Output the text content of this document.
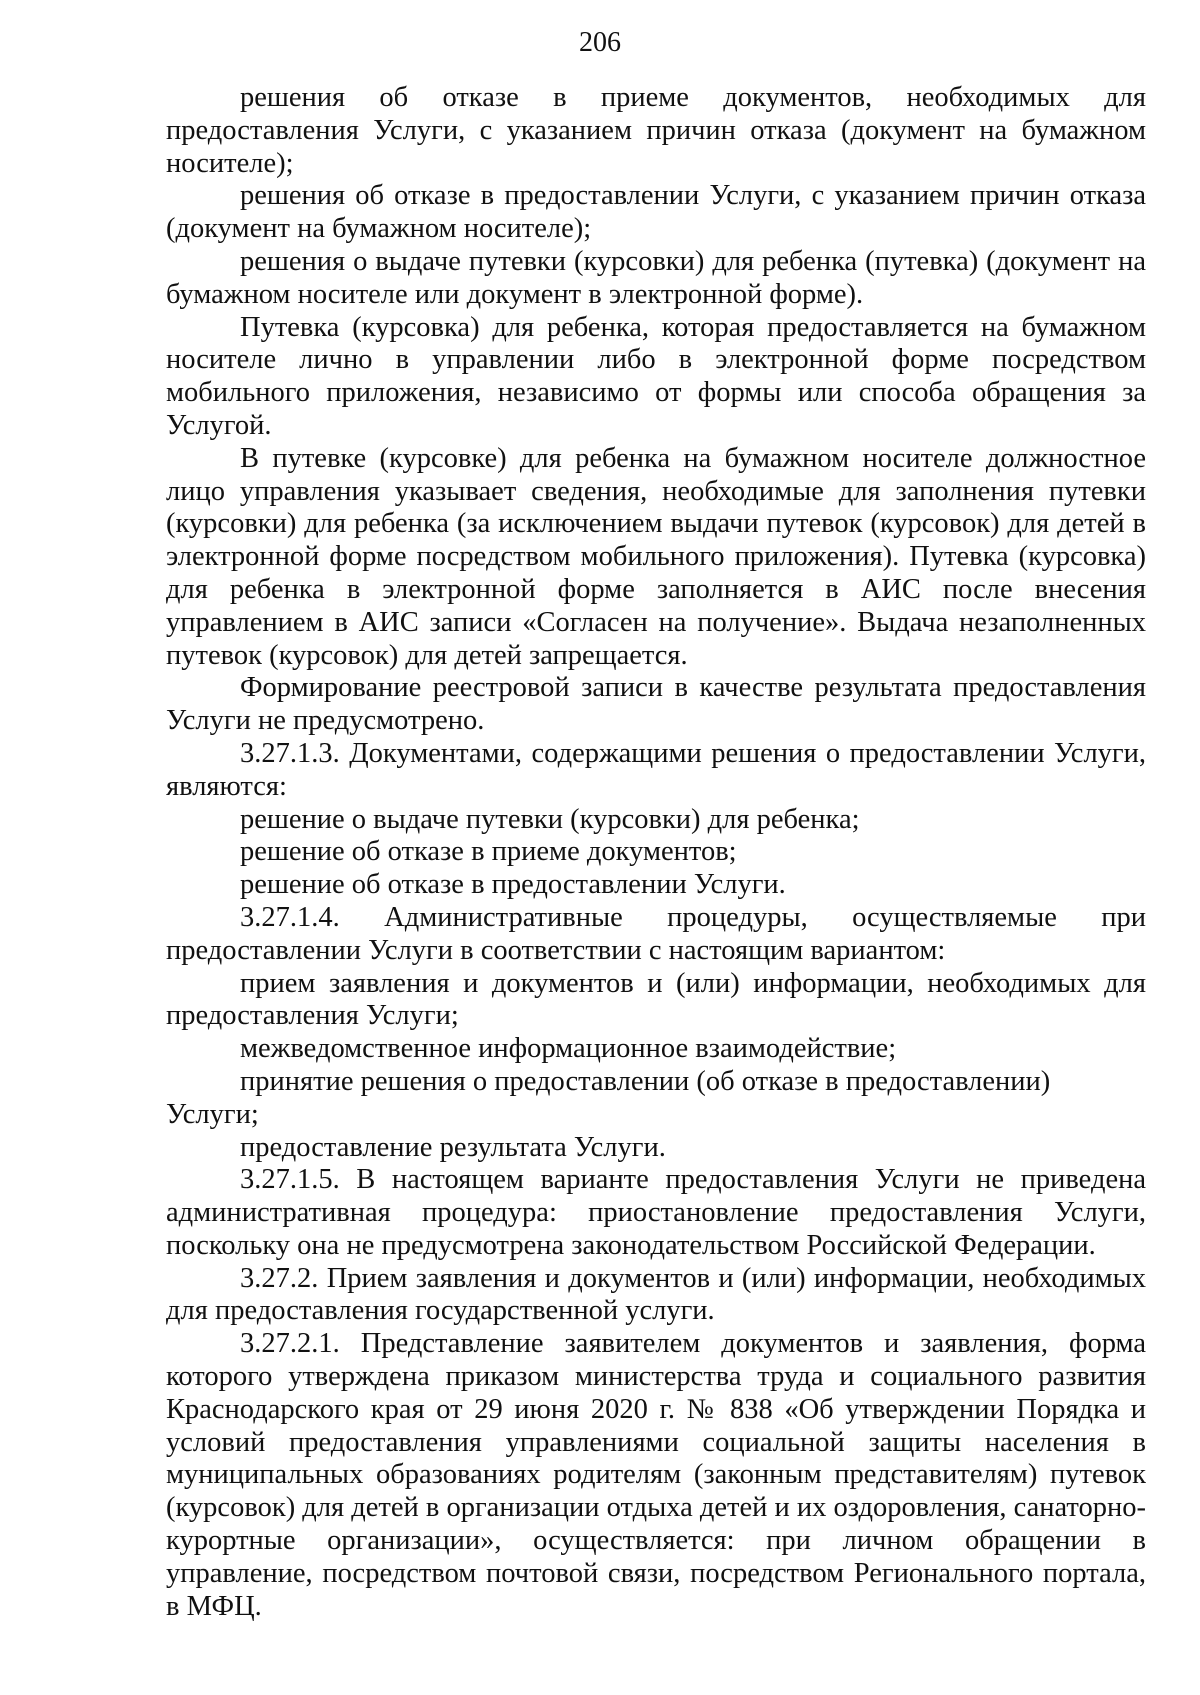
206

решения об отказе в приеме документов, необходимых для предоставления Услуги, с указанием причин отказа (документ на бумажном носителе);

решения об отказе в предоставлении Услуги, с указанием причин отказа (документ на бумажном носителе);

решения о выдаче путевки (курсовки) для ребенка (путевка) (документ на бумажном носителе или документ в электронной форме).

Путевка (курсовка) для ребенка, которая предоставляется на бумажном носителе лично в управлении либо в электронной форме посредством мобильного приложения, независимо от формы или способа обращения за Услугой.

В путевке (курсовке) для ребенка на бумажном носителе должностное лицо управления указывает сведения, необходимые для заполнения путевки (курсовки) для ребенка (за исключением выдачи путевок (курсовок) для детей в электронной форме посредством мобильного приложения). Путевка (курсовка) для ребенка в электронной форме заполняется в АИС после внесения управлением в АИС записи «Согласен на получение». Выдача незаполненных путевок (курсовок) для детей запрещается.

Формирование реестровой записи в качестве результата предоставления Услуги не предусмотрено.

3.27.1.3. Документами, содержащими решения о предоставлении Услуги, являются:

решение о выдаче путевки (курсовки) для ребенка;

решение об отказе в приеме документов;

решение об отказе в предоставлении Услуги.

3.27.1.4. Административные процедуры, осуществляемые при предоставлении Услуги в соответствии с настоящим вариантом:

прием заявления и документов и (или) информации, необходимых для предоставления Услуги;

межведомственное информационное взаимодействие;

принятие решения о предоставлении (об отказе в предоставлении) Услуги;

предоставление результата Услуги.

3.27.1.5. В настоящем варианте предоставления Услуги не приведена административная процедура: приостановление предоставления Услуги, поскольку она не предусмотрена законодательством Российской Федерации.

3.27.2. Прием заявления и документов и (или) информации, необходимых для предоставления государственной услуги.

3.27.2.1. Представление заявителем документов и заявления, форма которого утверждена приказом министерства труда и социального развития Краснодарского края от 29 июня 2020 г. № 838 «Об утверждении Порядка и условий предоставления управлениями социальной защиты населения в муниципальных образованиях родителям (законным представителям) путевок (курсовок) для детей в организации отдыха детей и их оздоровления, санаторно-курортные организации», осуществляется: при личном обращении в управление, посредством почтовой связи, посредством Регионального портала, в МФЦ.
